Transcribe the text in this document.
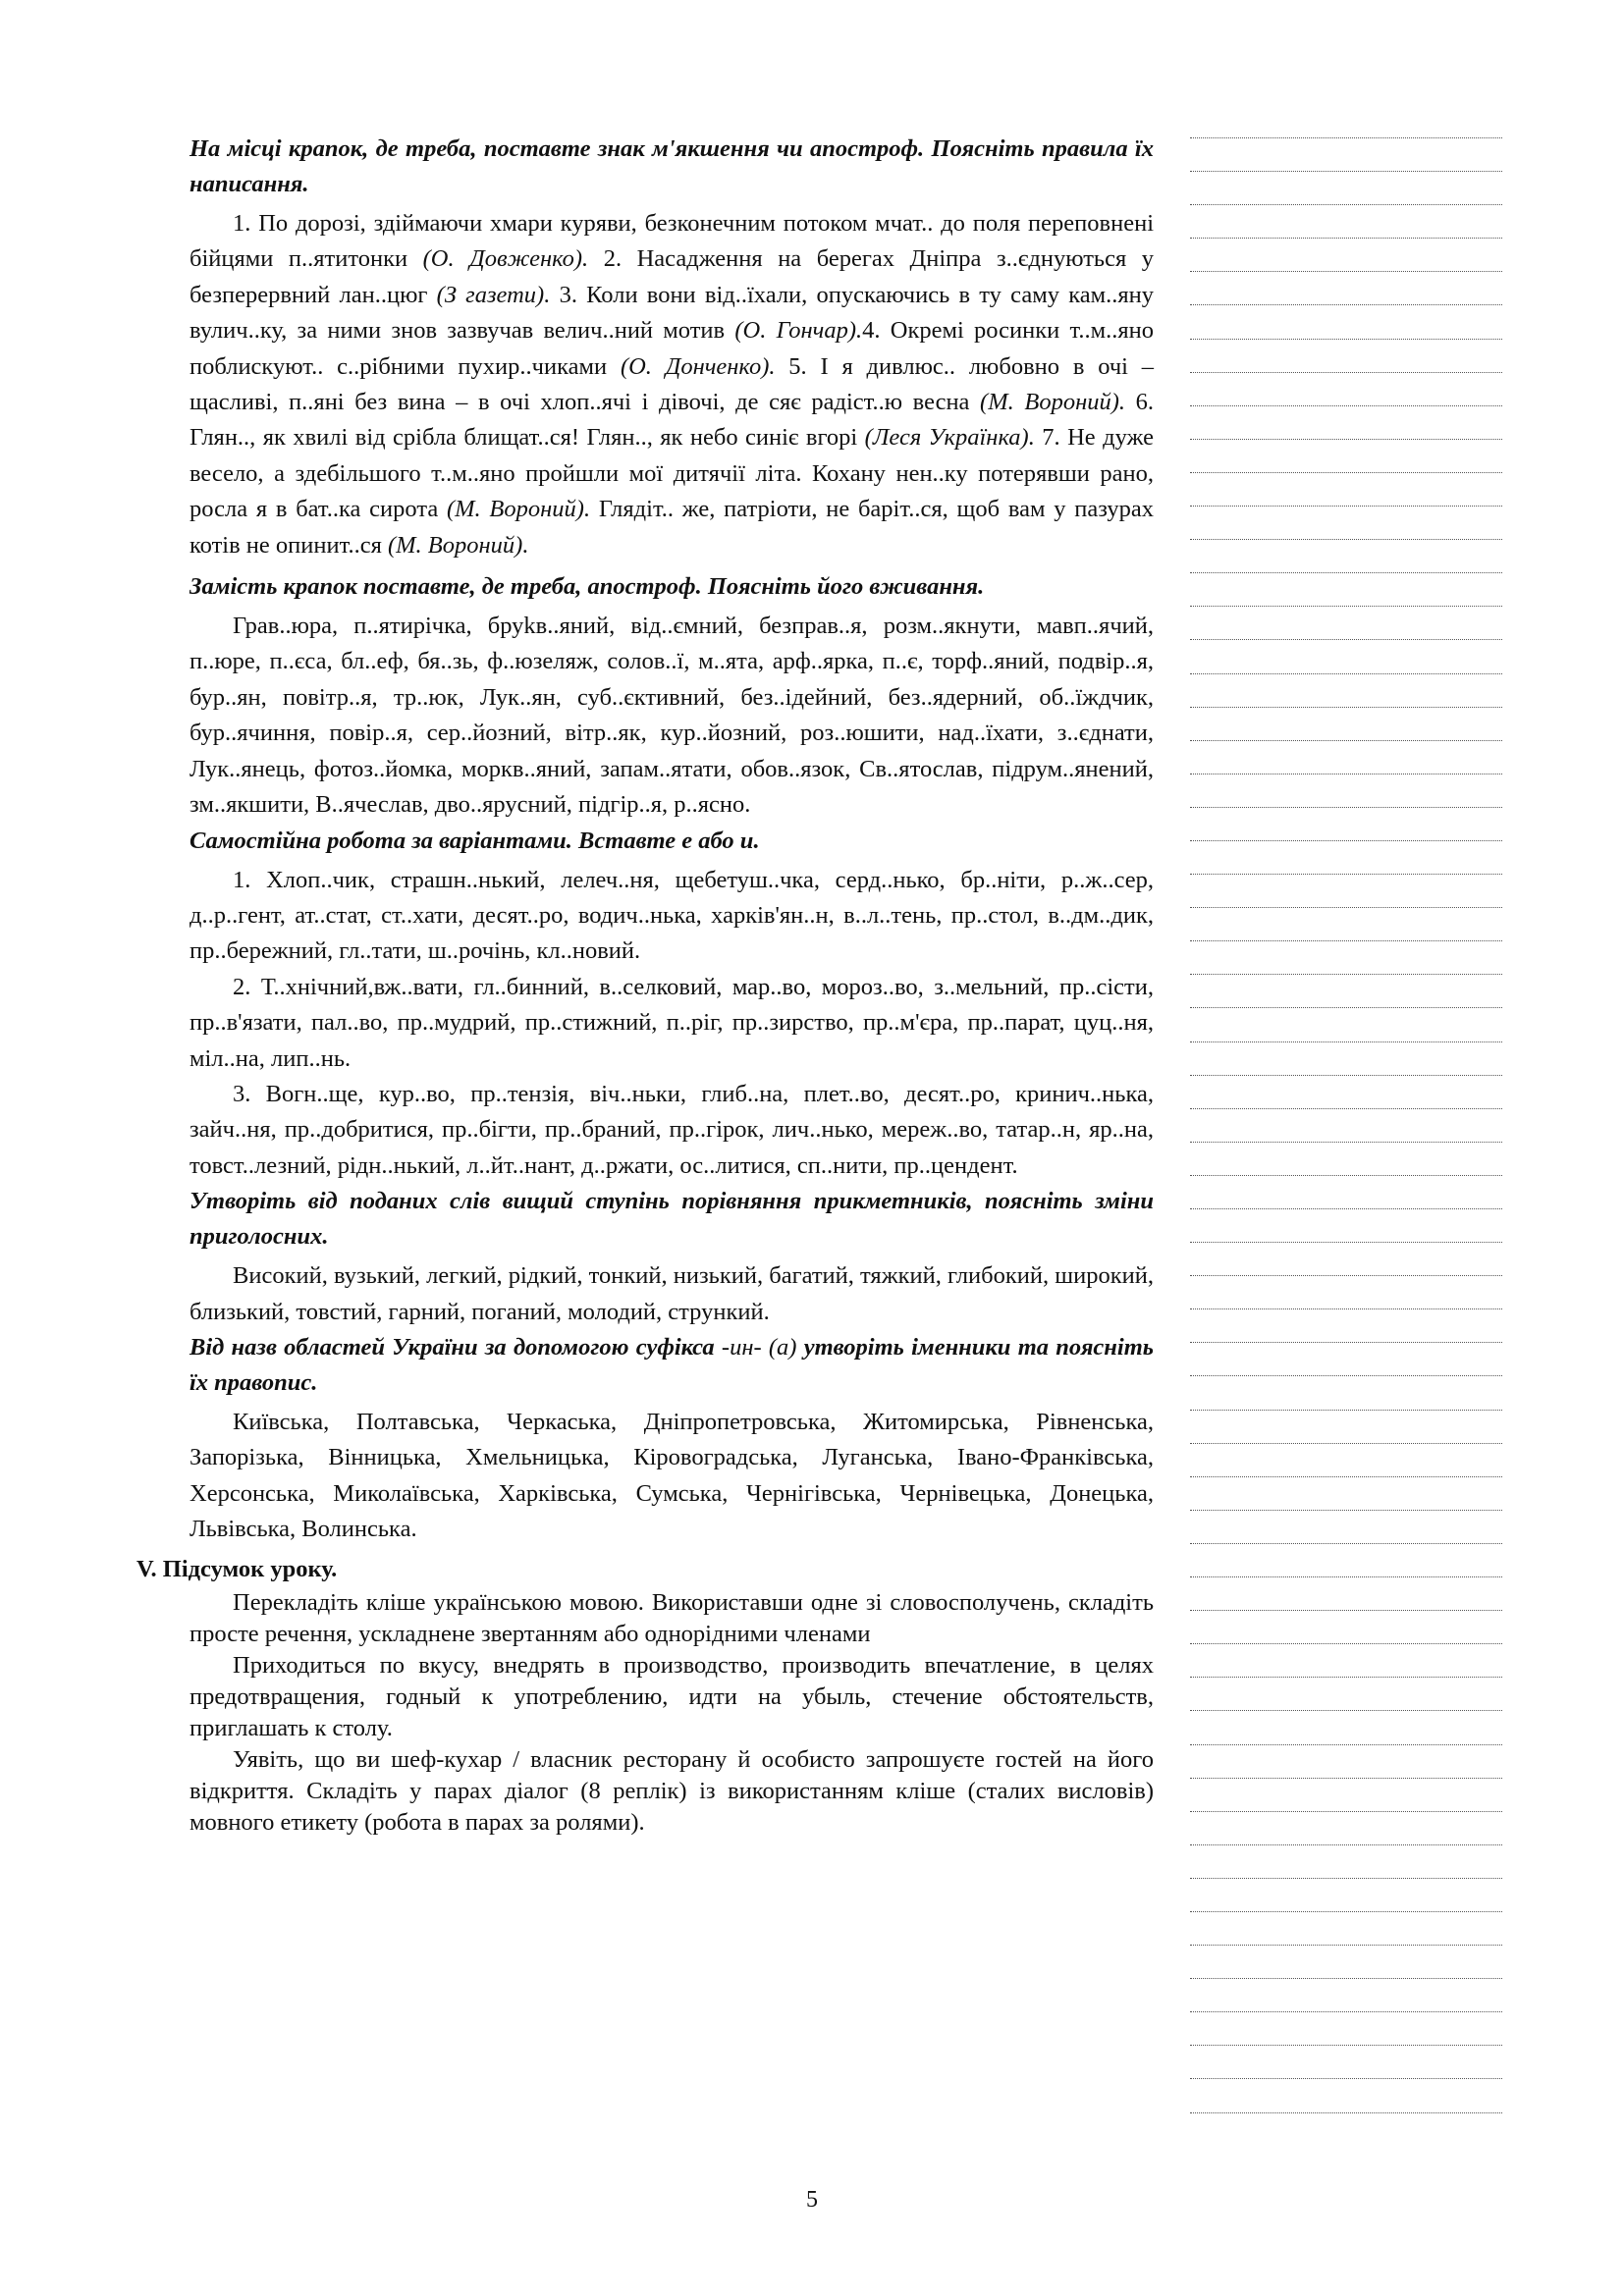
На місці крапок, де треба, поставте знак м'якшення чи апостроф. Поясніть правила їх написання.

1. По дорозі, здіймаючи хмари куряви, безконечним потоком мчат.. до поля переповнені бійцями п..ятитонки (О. Довженко). 2. Насадження на берегах Дніпра з..єднуються у безперервний лан..цюг (З газети). 3. Коли вони від..їхали, опускаючись в ту саму кам..яну вулич..ку, за ними знов зазвучав велич..ний мотив (О. Гончар).4. Окремі росинки т..м..яно поблискуют.. с..рібними пухир..чиками (О. Донченко). 5. І я дивлюс.. любовно в очі – щасливі, п..яні без вина – в очі хлоп..ячі і дівочі, де сяє радіст..ю весна (М. Вороний). 6. Глян.., як хвилі від срібла блищат..ся! Глян.., як небо синіє вгорі (Леся Українка). 7. Не дуже весело, а здебільшого т..м..яно пройшли мої дитячії літа. Кохану нен..ку потерявши рано, росла я в бат..ка сирота (М. Вороний). Глядіт.. же, патріоти, не баріт..ся, щоб вам у пазурах котів не опинит..ся (М. Вороний).

Замість крапок поставте, де треба, апостроф. Поясніть його вживання.

Грав..юра, п..ятирічка, бруkв..яний, від..ємний, безправ..я, розм..якнути, мавп..ячий, п..юре, п..єса, бл..еф, бя..зь, ф..юзеляж, солов..ї, м..ята, арф..ярка, п..є, торф..яний, подвір..я, бур..ян, повітр..я, тр..юк, Лук..ян, суб..єктивний, без..ідейний, без..ядерний, об..їждчик, бур..ячиння, повір..я, сер..йозний, вітр..як, кур..йозний, роз..юшити, над..їхати, з..єднати, Лук..янець, фотоз..йомка, моркв..яний, запам..ятати, обов..язок, Св..ятослав, підрум..янений, зм..якшити, В..ячеслав, дво..ярусний, підгір..я, р..ясно.

Самостійна робота за варіантами. Вставте е або и.

1. Хлоп..чик, страшн..нький, лелеч..ня, щебетуш..чка, серд..нько, бр..ніти, р..ж..сер, д..р..гент, ат..стат, ст..хати, десят..ро, водич..нька, харків'ян..н, в..л..тень, пр..стол, в..дм..дик, пр..бережний, гл..тати, ш..рочінь, кл..новий.

2. Т..хнічний,вж..вати, гл..бинний, в..селковий, мар..во, мороз..во, з..мельний, пр..сісти, пр..в'язати, пал..во, пр..мудрий, пр..стижний, п..ріг, пр..зирство, пр..м'єра, пр..парат, цуц..ня, міл..на, лип..нь.

3. Вогн..ще, кур..во, пр..тензія, віч..ньки, глиб..на, плет..во, десят..ро, кринич..нька, зайч..ня, пр..добритися, пр..бігти, пр..браний, пр..гірок, лич..нько, мереж..во, татар..н, яр..на, товст..лезний, рідн..нький, л..йт..нант, д..ржати, ос..литися, сп..нити, пр..цендент.

Утворіть від поданих слів вищий ступінь порівняння прикметників, поясніть зміни приголосних.

Високий, вузький, легкий, рідкий, тонкий, низький, багатий, тяжкий, глибокий, широкий, близький, товстий, гарний, поганий, молодий, стрункий.

Від назв областей України за допомогою суфікса -ин- (а) утворіть іменники та поясніть їх правопис.

Київська, Полтавська, Черкаська, Дніпропетровська, Житомирська, Рівненська, Запорізька, Вінницька, Хмельницька, Кіровоградська, Луганська, Івано-Франківська, Херсонська, Миколаївська, Харківська, Сумська, Чернігівська, Чернівецька, Донецька, Львівська, Волинська.

V. Підсумок уроку.

Перекладіть кліше українською мовою. Використавши одне зі словосполучень, складіть просте речення, ускладнене звертанням або однорідними членами

Приходиться по вкусу, внедрять в производство, производить впечатление, в целях предотвращения, годный к употреблению, идти на убыль, стечение обстоятельств, приглашать к столу.

Уявіть, що ви шеф-кухар / власник ресторану й особисто запрошуєте гостей на його відкриття. Складіть у парах діалог (8 реплік) із використанням кліше (сталих висловів) мовного етикету (робота в парах за ролями).

5
